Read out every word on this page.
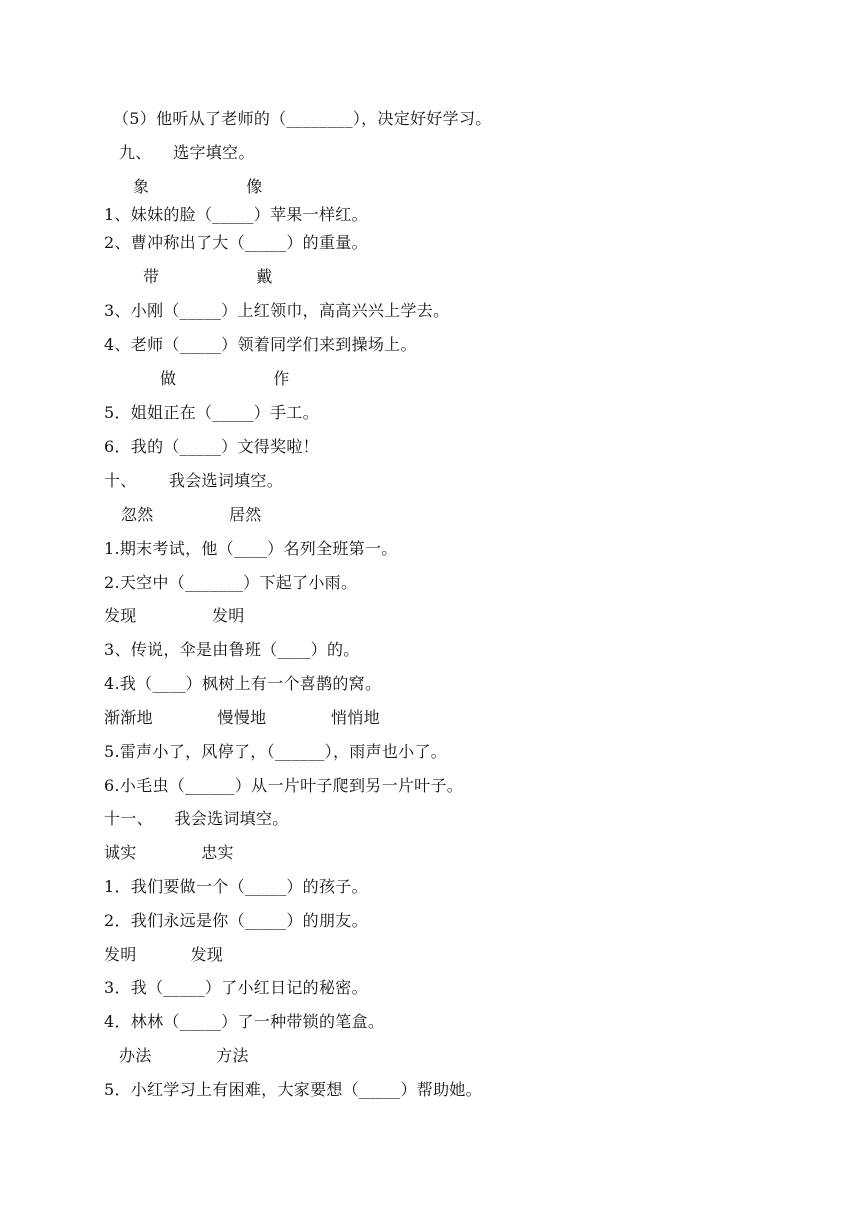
（5）他听从了老师的（________），决定好好学习。
九、    选字填空。
象                  像
1、妹妹的脸（_____）苹果一样红。
2、曹冲称出了大（_____）的重量。
带                  戴
3、小刚（_____）上红领巾，高高兴兴上学去。
4、老师（_____）领着同学们来到操场上。
做                  作
5．姐姐正在（_____）手工。
6．我的（_____）文得奖啦！
十、      我会选词填空。
忽然              居然
1.期末考试，他（____）名列全班第一。
2.天空中（_______）下起了小雨。
发现              发明
3、传说，伞是由鲁班（____）的。
4.我（____）枫树上有一个喜鹊的窝。
渐渐地            慢慢地            悄悄地
5.雷声小了，风停了，（______），雨声也小了。
6.小毛虫（______）从一片叶子爬到另一片叶子。
十一、    我会选词填空。
诚实            忠实
1．我们要做一个（_____）的孩子。
2．我们永远是你（_____）的朋友。
发明          发现
3．我（_____）了小红日记的秘密。
4．林林（_____）了一种带锁的笔盒。
办法            方法
5．小红学习上有困难，大家要想（_____）帮助她。
